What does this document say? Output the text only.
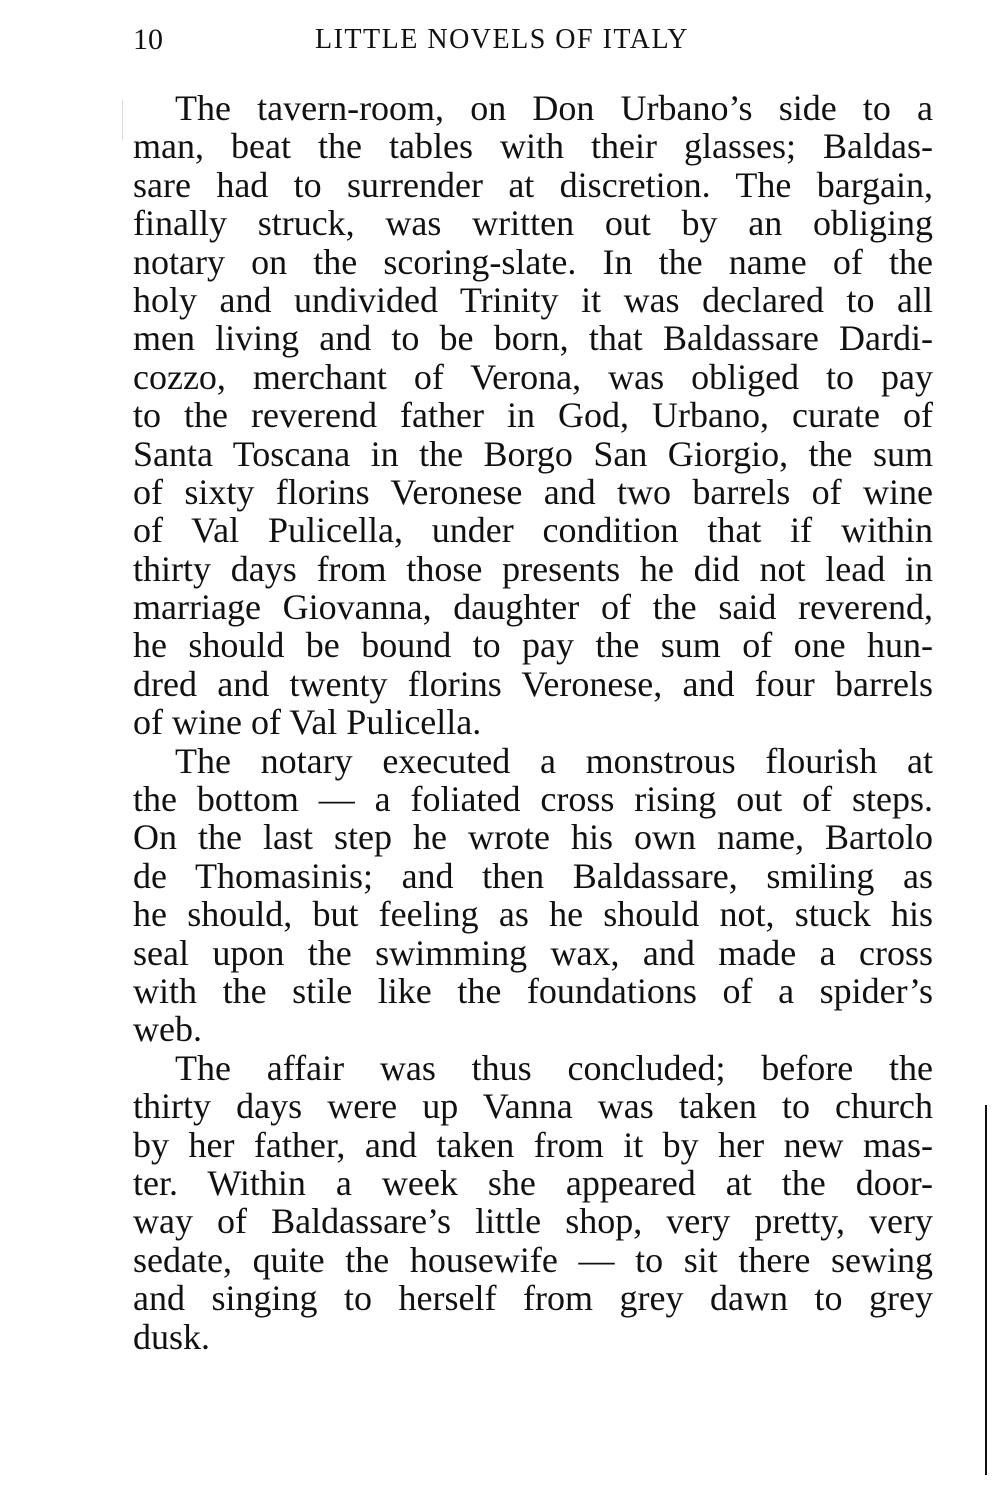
10	LITTLE NOVELS OF ITALY
The tavern-room, on Don Urbano’s side to a
man, beat the tables with their glasses; Baldas-
sare had to surrender at discretion. The bargain,
finally struck, was written out by an obliging
notary on the scoring-slate. In the name of the
holy and undivided Trinity it was declared to all
men living and to be born, that Baldassare Dardi-
cozzo, merchant of Verona, was obliged to pay
to the reverend father in God, Urbano, curate of
Santa Toscana in the Borgo San Giorgio, the sum
of sixty florins Veronese and two barrels of wine
of Val Pulicella, under condition that if within
thirty days from those presents he did not lead in
marriage Giovanna, daughter of the said reverend,
he should be bound to pay the sum of one hun-
dred and twenty florins Veronese, and four barrels
of wine of Val Pulicella.
The notary executed a monstrous flourish at
the bottom — a foliated cross rising out of steps.
On the last step he wrote his own name, Bartolo
de Thomasinis; and then Baldassare, smiling as
he should, but feeling as he should not, stuck his
seal upon the swimming wax, and made a cross
with the stile like the foundations of a spider’s
web.
The affair was thus concluded; before the
thirty days were up Vanna was taken to church
by her father, and taken from it by her new mas-
ter. Within a week she appeared at the door-
way of Baldassare’s little shop, very pretty, very
sedate, quite the housewife — to sit there sewing
and singing to herself from grey dawn to grey
dusk.
